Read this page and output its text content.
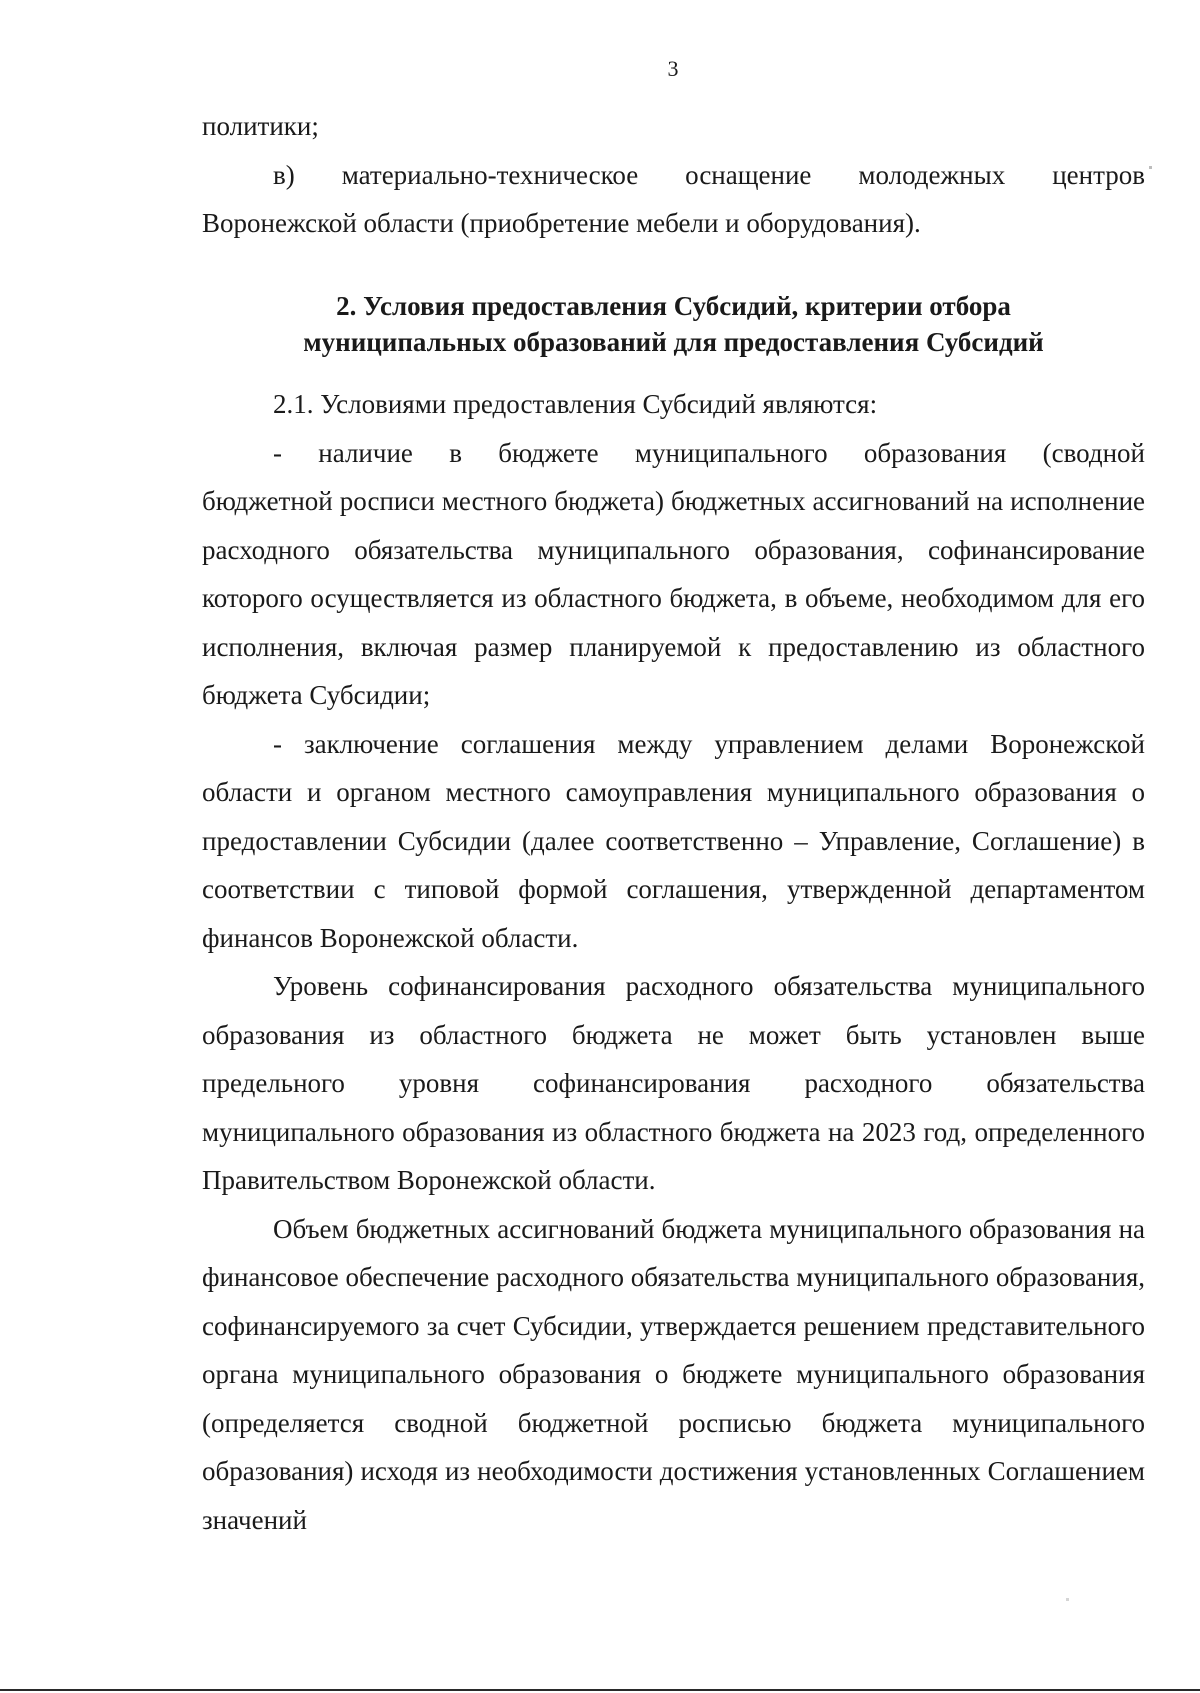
3

политики;

в)     материально-техническое     оснащение     молодежных     центров Воронежской области (приобретение мебели и оборудования).

2. Условия предоставления Субсидий, критерии отбора
муниципальных образований для предоставления Субсидий

2.1. Условиями предоставления Субсидий являются:

-    наличие    в    бюджете    муниципального    образования    (сводной бюджетной росписи местного бюджета) бюджетных ассигнований на исполнение расходного обязательства муниципального образования, софинансирование которого осуществляется из областного бюджета, в объеме, необходимом для его исполнения, включая размер планируемой к предоставлению из областного бюджета Субсидии;

- заключение соглашения между управлением делами Воронежской области и органом местного самоуправления муниципального образования о предоставлении Субсидии (далее соответственно – Управление, Соглашение) в соответствии с типовой формой соглашения, утвержденной департаментом финансов Воронежской области.

Уровень софинансирования расходного обязательства муниципального образования из областного бюджета не может быть установлен выше предельного уровня софинансирования расходного обязательства муниципального образования из областного бюджета на 2023 год, определенного Правительством Воронежской области.

Объем бюджетных ассигнований бюджета муниципального образования на финансовое обеспечение расходного обязательства муниципального образования, софинансируемого за счет Субсидии, утверждается решением представительного органа муниципального образования о бюджете муниципального образования (определяется сводной бюджетной росписью бюджета муниципального образования) исходя из необходимости достижения установленных Соглашением значений
